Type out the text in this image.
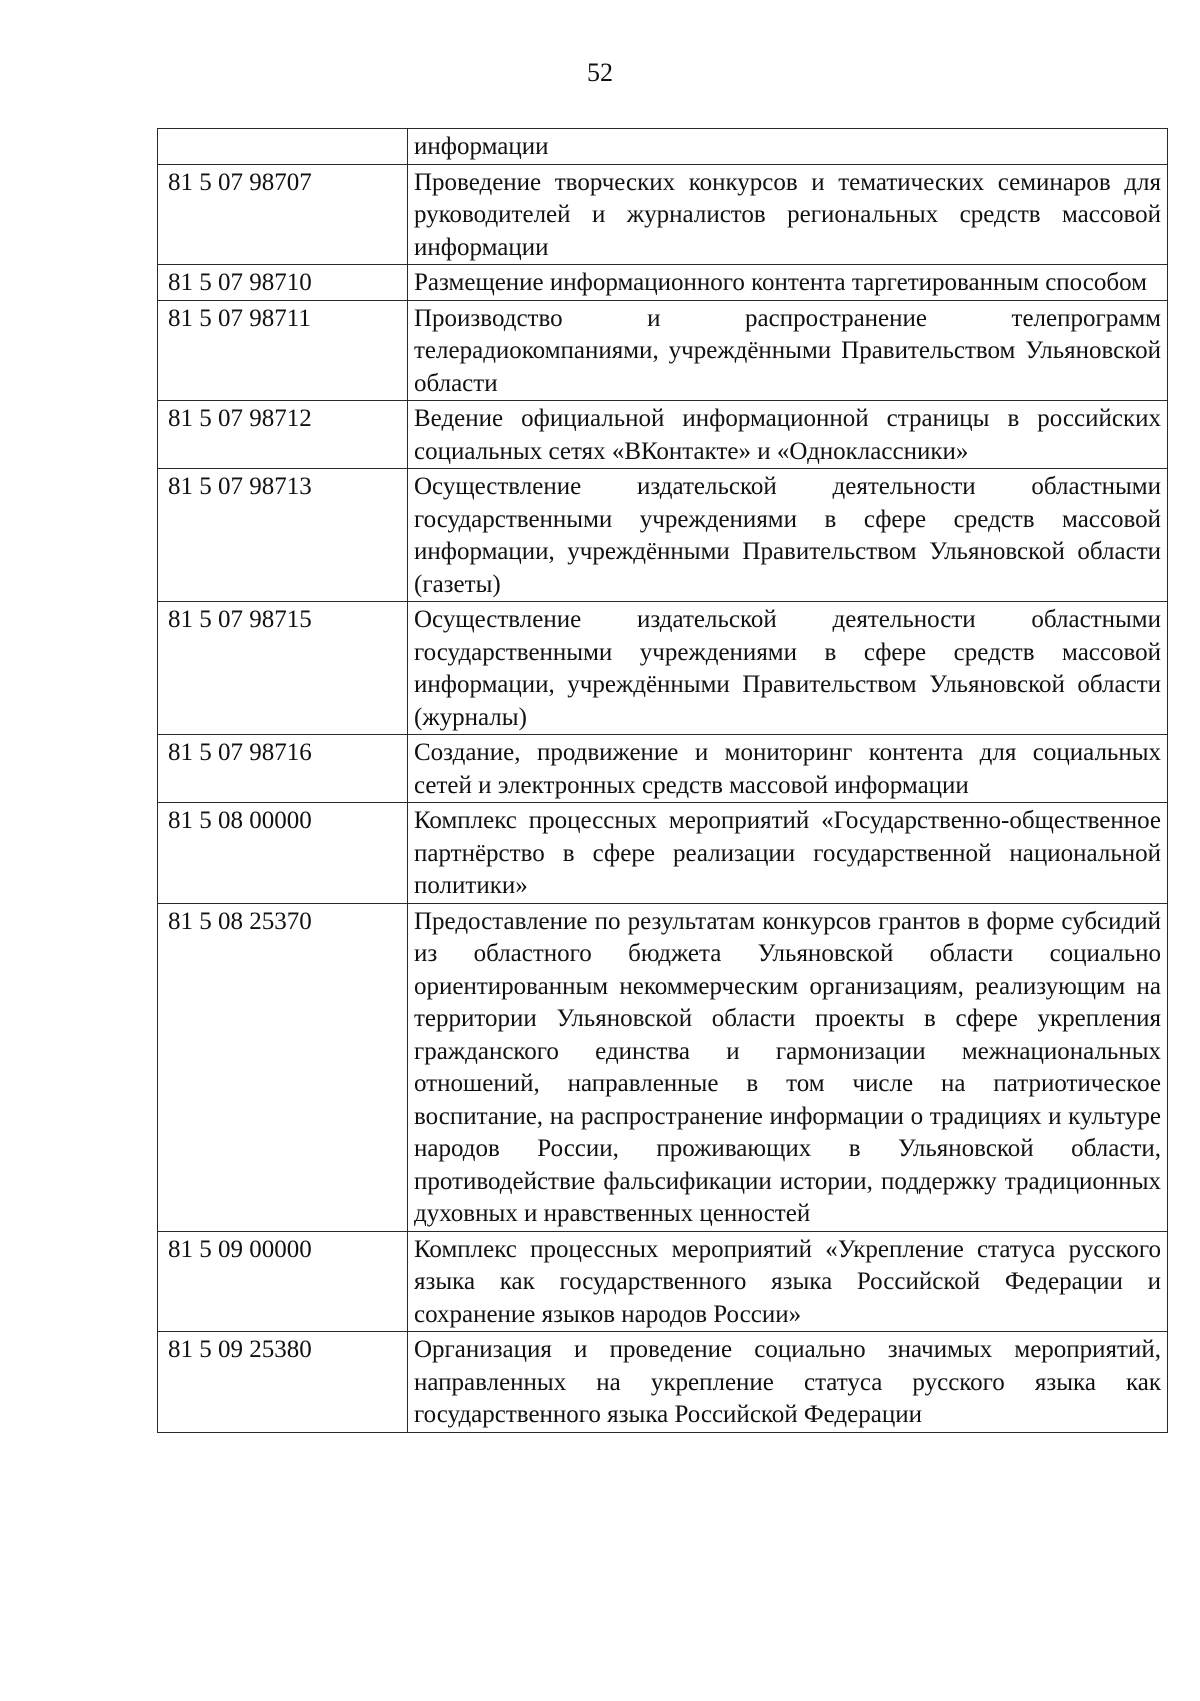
52
	информации
81 5 07 98707	Проведение творческих конкурсов и тематических семинаров для руководителей и журналистов региональных средств массовой информации
81 5 07 98710	Размещение информационного контента таргетированным способом
81 5 07 98711	Производство и распространение телепрограмм телерадиокомпаниями, учреждёнными Правительством Ульяновской области
81 5 07 98712	Ведение официальной информационной страницы в российских социальных сетях «ВКонтакте» и «Одноклассники»
81 5 07 98713	Осуществление издательской деятельности областными государственными учреждениями в сфере средств массовой информации, учреждёнными Правительством Ульяновской области (газеты)
81 5 07 98715	Осуществление издательской деятельности областными государственными учреждениями в сфере средств массовой информации, учреждёнными Правительством Ульяновской области (журналы)
81 5 07 98716	Создание, продвижение и мониторинг контента для социальных сетей и электронных средств массовой информации
81 5 08 00000	Комплекс процессных мероприятий «Государственно-общественное партнёрство в сфере реализации государственной национальной политики»
81 5 08 25370	Предоставление по результатам конкурсов грантов в форме субсидий из областного бюджета Ульяновской области социально ориентированным некоммерческим организациям, реализующим на территории Ульяновской области проекты в сфере укрепления гражданского единства и гармонизации межнациональных отношений, направленные в том числе на патриотическое воспитание, на распространение информации о традициях и культуре народов России, проживающих в Ульяновской области, противодействие фальсификации истории, поддержку традиционных духовных и нравственных ценностей
81 5 09 00000	Комплекс процессных мероприятий «Укрепление статуса русского языка как государственного языка Российской Федерации и сохранение языков народов России»
81 5 09 25380	Организация и проведение социально значимых мероприятий, направленных на укрепление статуса русского языка как государственного языка Российской Федерации
